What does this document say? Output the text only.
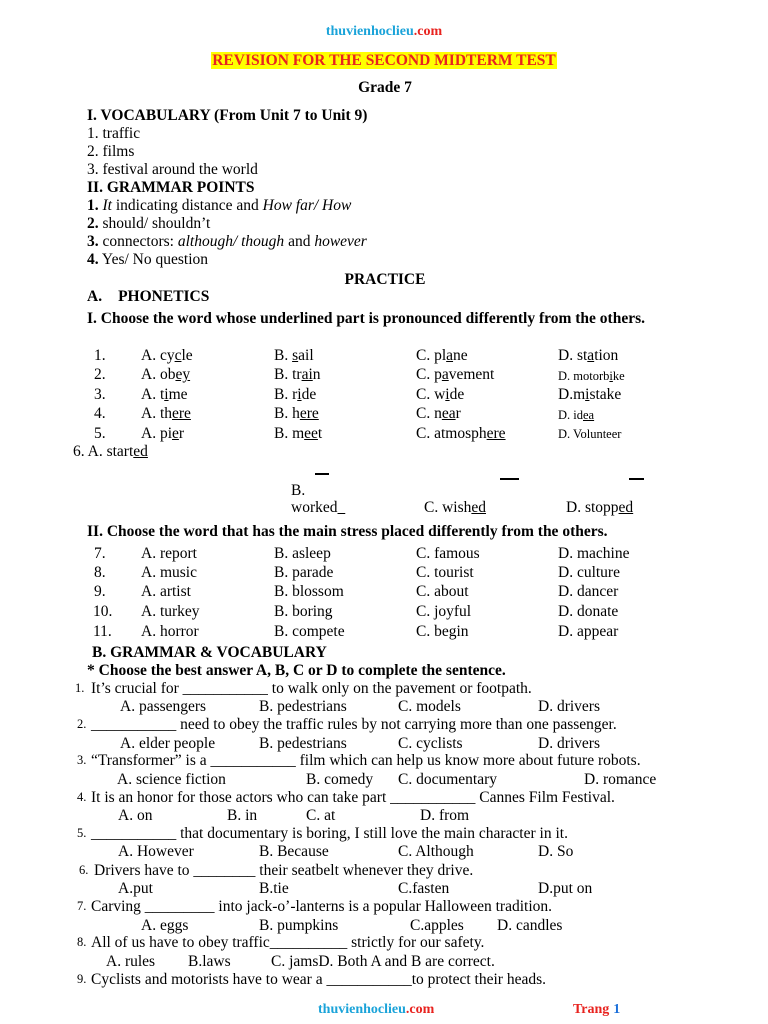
thuvienhoclieu.com
REVISION FOR THE SECOND MIDTERM TEST
Grade 7
I. VOCABULARY (From Unit 7 to Unit 9)
1. traffic
2. films
3. festival around the world
II. GRAMMAR POINTS
1. It indicating distance and How far/ How
2. should/ shouldn’t
3. connectors: although/ though and however
4. Yes/ No question
PRACTICE
A. PHONETICS
I. Choose the word whose underlined part is pronounced differently from the others.
1. A. cycle	B. sail	C. plane	D. station
2. A. obey	B. train	C. pavement	D. motorbike
3. A. time	B. ride	C. wide	D.mistake
4. A. there	B. here	C. near	D. idea
5. A. pier	B. meet	C. atmosphere	D. Volunteer
6. A. started
B.
worked	C. wished	D. stopped
II. Choose the word that has the main stress placed differently from the others.
7. A. report	B. asleep	C. famous	D. machine
8. A. music	B. parade	C. tourist	D. culture
9. A. artist	B. blossom	C. about	D. dancer
10. A. turkey	B. boring	C. joyful	D. donate
11. A. horror	B. compete	C. begin	D. appear
B. GRAMMAR & VOCABULARY
* Choose the best answer A, B, C or D to complete the sentence.
1. It’s crucial for ___________ to walk only on the pavement or footpath.
A. passengers	B. pedestrians	C. models	D. drivers
2. ___________ need to obey the traffic rules by not carrying more than one passenger.
A. elder people	B. pedestrians	C. cyclists	D. drivers
3. “Transformer” is a ___________ film which can help us know more about future robots.
A. science fiction	B. comedy C. documentary	D. romance
4. It is an honor for those actors who can take part ___________ Cannes Film Festival.
A. on	B. in	C. at	D. from
5. ___________ that documentary is boring, I still love the main character in it.
A. However	B. Because	C. Although	D. So
6. Drivers have to ________ their seatbelt whenever they drive.
A.put	B.tie	C.fasten	D.put on
7. Carving _________ into jack-o’-lanterns is a popular Halloween tradition.
A. eggs	B. pumpkins	C.apples D. candles
8. All of us have to obey traffic__________ strictly for our safety.
A. rules B.laws	C. jamsD. Both A and B are correct.
9. Cyclists and motorists have to wear a ___________to protect their heads.
thuvienhoclieu.com	Trang 1
